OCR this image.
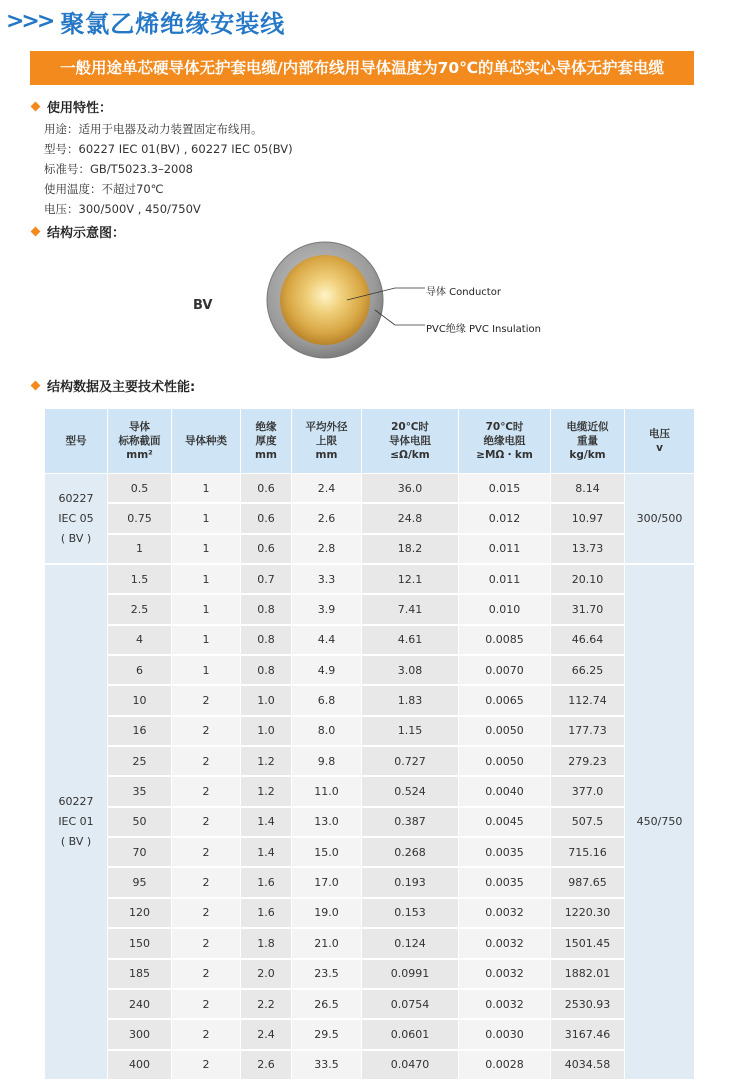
>>> 聚氯乙烯绝缘安装线
一般用途单芯硬导体无护套电缆/内部布线用导体温度为70℃的单芯实心导体无护套电缆
使用特性：
用途：适用于电器及动力装置固定布线用。
型号：60227 IEC 01(BV) , 60227 IEC 05(BV)
标准号：GB/T5023.3–2008
使用温度：不超过70℃
电压：300/500V , 450/750V
结构示意图：
BV
导体 Conductor
PVC绝缘 PVC Insulation
结构数据及主要技术性能:
型号	导体
标称截面
mm²	导体种类	绝缘
厚度
mm	平均外径
上限
mm	20℃时
导体电阻
≤Ω/km	70℃时
绝缘电阻
≥MΩ・km	电缆近似
重量
kg/km	电压
v

60227
IEC 05
( BV )	0.5	1	0.6	2.4	36.0	0.015	8.14	300/500
	0.75	1	0.6	2.6	24.8	0.012	10.97	
	1	1	0.6	2.8	18.2	0.011	13.73	

60227
IEC 01
( BV )	1.5	1	0.7	3.3	12.1	0.011	20.10	450/750
	2.5	1	0.8	3.9	7.41	0.010	31.70	
	4	1	0.8	4.4	4.61	0.0085	46.64	
	6	1	0.8	4.9	3.08	0.0070	66.25	
	10	2	1.0	6.8	1.83	0.0065	112.74	
	16	2	1.0	8.0	1.15	0.0050	177.73	
	25	2	1.2	9.8	0.727	0.0050	279.23	
	35	2	1.2	11.0	0.524	0.0040	377.0	
	50	2	1.4	13.0	0.387	0.0045	507.5	
	70	2	1.4	15.0	0.268	0.0035	715.16	
	95	2	1.6	17.0	0.193	0.0035	987.65	
	120	2	1.6	19.0	0.153	0.0032	1220.30	
	150	2	1.8	21.0	0.124	0.0032	1501.45	
	185	2	2.0	23.5	0.0991	0.0032	1882.01	
	240	2	2.2	26.5	0.0754	0.0032	2530.93	
	300	2	2.4	29.5	0.0601	0.0030	3167.46	
	400	2	2.6	33.5	0.0470	0.0028	4034.58	
